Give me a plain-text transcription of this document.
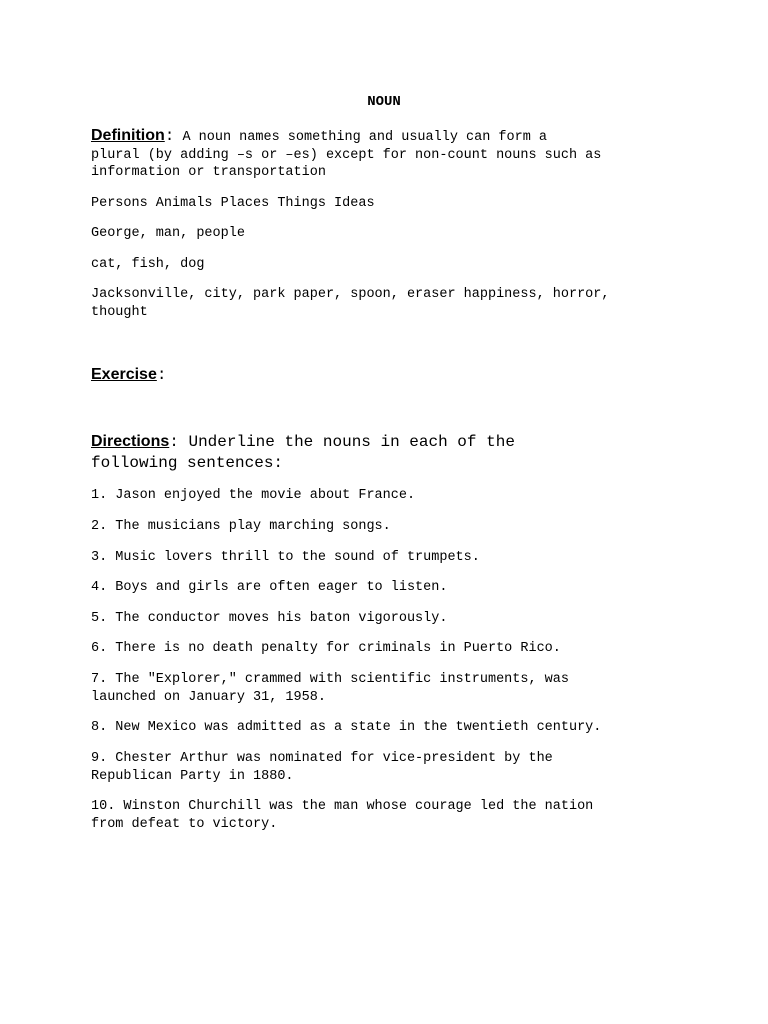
NOUN
Definition: A noun names something and usually can form a
plural (by adding –s or –es) except for non-count nouns such as
information or transportation
Persons Animals Places Things Ideas
George, man, people
cat, fish, dog
Jacksonville, city, park paper, spoon, eraser happiness, horror,
thought
Exercise:
Directions: Underline the nouns in each of the
following sentences:
1. Jason enjoyed the movie about France.
2. The musicians play marching songs.
3. Music lovers thrill to the sound of trumpets.
4. Boys and girls are often eager to listen.
5. The conductor moves his baton vigorously.
6. There is no death penalty for criminals in Puerto Rico.
7. The "Explorer," crammed with scientific instruments, was
launched on January 31, 1958.
8. New Mexico was admitted as a state in the twentieth century.
9. Chester Arthur was nominated for vice-president by the
Republican Party in 1880.
10. Winston Churchill was the man whose courage led the nation
from defeat to victory.
